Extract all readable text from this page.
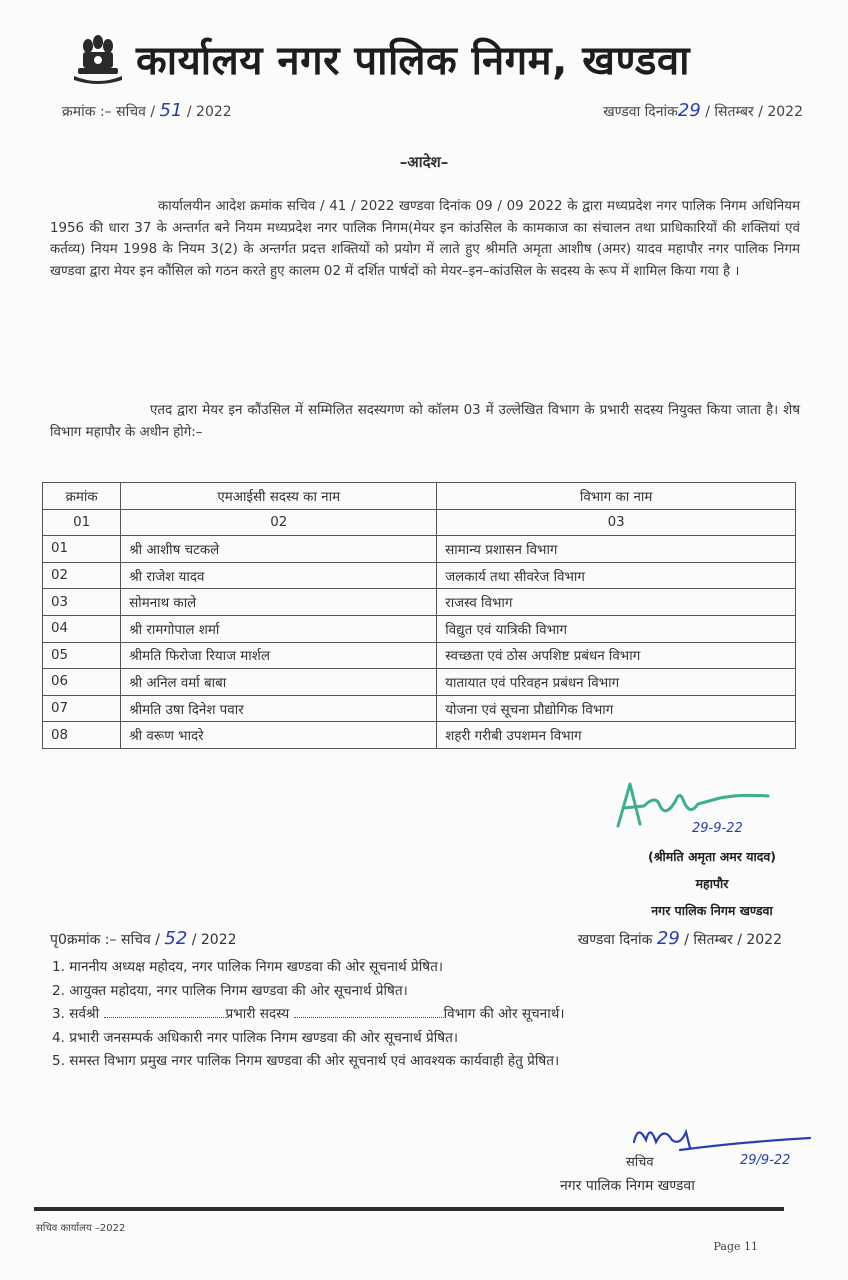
कार्यालय नगर पालिक निगम, खण्डवा
क्रमांक :– सचिव / 51 / 2022	खण्डवा दिनांक29 / सितम्बर / 2022
–आदेश–
कार्यालयीन आदेश क्रमांक सचिव / 41 / 2022 खण्डवा दिनांक 09 / 09 2022 के द्वारा मध्यप्रदेश नगर पालिक निगम अधिनियम 1956 की धारा 37 के अन्तर्गत बने नियम मध्यप्रदेश नगर पालिक निगम(मेयर इन कांउसिल के कामकाज का संचालन तथा प्राधिकारियों की शक्तियां एवं कर्तव्य) नियम 1998 के नियम 3(2) के अन्तर्गत प्रदत्त शक्तियों को प्रयोग में लाते हुए श्रीमति अमृता आशीष (अमर) यादव महापौर नगर पालिक निगम खण्डवा द्वारा मेयर इन कौंसिल को गठन करते हुए कालम 02 में दर्शित पार्षदों को मेयर–इन–कांउसिल के सदस्य के रूप में शामिल किया गया है ।
एतद द्वारा मेयर इन कौंउसिल में सम्मिलित सदस्यगण को कॉलम 03 में उल्लेखित विभाग के प्रभारी सदस्य नियुक्त किया जाता है। शेष विभाग महापौर के अधीन होगे:–
क्रमांक	एमआईसी सदस्य का नाम	विभाग का नाम
01	02	03
01	श्री आशीष चटकले	सामान्य प्रशासन विभाग
02	श्री राजेश यादव	जलकार्य तथा सीवरेज विभाग
03	सोमनाथ काले	राजस्व विभाग
04	श्री रामगोपाल शर्मा	विद्युत एवं यात्रिकी विभाग
05	श्रीमति फिरोजा रियाज मार्शल	स्वच्छता एवं ठोस अपशिष्ट प्रबंधन विभाग
06	श्री अनिल वर्मा बाबा	यातायात एवं परिवहन प्रबंधन विभाग
07	श्रीमति उषा दिनेश पवार	योजना एवं सूचना प्रौद्योगिक विभाग
08	श्री वरूण भादरे	शहरी गरीबी उपशमन विभाग
29-9-22
(श्रीमति अमृता अमर यादव)
महापौर
नगर पालिक निगम खण्डवा
पृ0क्रमांक :– सचिव / 52 / 2022	खण्डवा दिनांक 29 / सितम्बर / 2022
1. माननीय अध्यक्ष महोदय, नगर पालिक निगम खण्डवा की ओर सूचनार्थ प्रेषित।
2. आयुक्त महोदया, नगर पालिक निगम खण्डवा की ओर सूचनार्थ प्रेषित।
3. सर्वश्री	प्रभारी सदस्य	विभाग की ओर सूचनार्थ।
4. प्रभारी जनसम्पर्क अधिकारी नगर पालिक निगम खण्डवा की ओर सूचनार्थ प्रेषित।
5. समस्त विभाग प्रमुख नगर पालिक निगम खण्डवा की ओर सूचनार्थ एवं आवश्यक कार्यवाही हेतु प्रेषित।
29/9-22
सचिव
नगर पालिक निगम खण्डवा
सचिव कार्यालय –2022
Page 11
